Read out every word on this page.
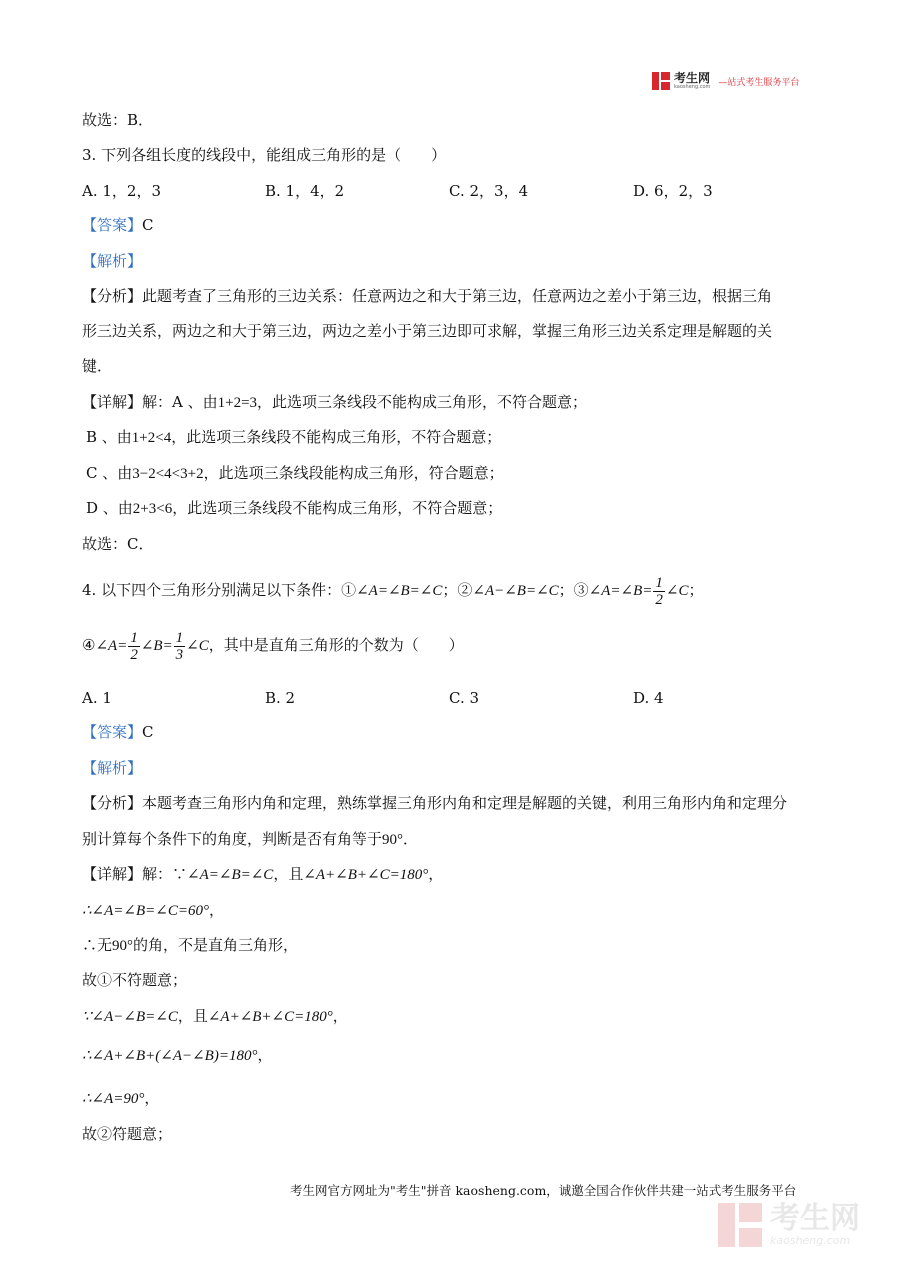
考生网
kaosheng.com —站式考生服务平台
故选：B．
3. 下列各组长度的线段中，能组成三角形的是（　　）
A. 1，2，3	B. 1，4，2	C. 2，3，4	D. 6，2，3
【答案】C
【解析】
【分析】此题考查了三角形的三边关系：任意两边之和大于第三边，任意两边之差小于第三边，根据三角
形三边关系，两边之和大于第三边，两边之差小于第三边即可求解，掌握三角形三边关系定理是解题的关
键．
【详解】解：A 、由1+2=3，此选项三条线段不能构成三角形，不符合题意；
B 、由1+2<4，此选项三条线段不能构成三角形，不符合题意；
C 、由3−2<4<3+2，此选项三条线段能构成三角形，符合题意；
D 、由2+3<6，此选项三条线段不能构成三角形，不符合题意；
故选：C．
4. 以下四个三角形分别满足以下条件：①∠A=∠B=∠C；②∠A−∠B=∠C；③∠A=∠B= $\frac{1}{2}$ ∠C；
④∠A= $\frac{1}{2}$ ∠B= $\frac{1}{3}$ ∠C，其中是直角三角形的个数为（　　）
A. 1	B. 2	C. 3	D. 4
【答案】C
【解析】
【分析】本题考查三角形内角和定理，熟练掌握三角形内角和定理是解题的关键，利用三角形内角和定理分
别计算每个条件下的角度，判断是否有角等于90°．
【详解】解：∵∠A=∠B=∠C，且∠A+∠B+∠C=180°，
∴∠A=∠B=∠C=60°，
∴无90°的角，不是直角三角形，
故①不符题意；
∵∠A−∠B=∠C，且∠A+∠B+∠C=180°，
∴∠A+∠B+(∠A−∠B)=180°，
∴∠A=90°，
故②符题意；
考生网官方网址为"考生"拼音 kaosheng.com，诚邀全国合作伙伴共建一站式考生服务平台
考生网
kaosheng.com
